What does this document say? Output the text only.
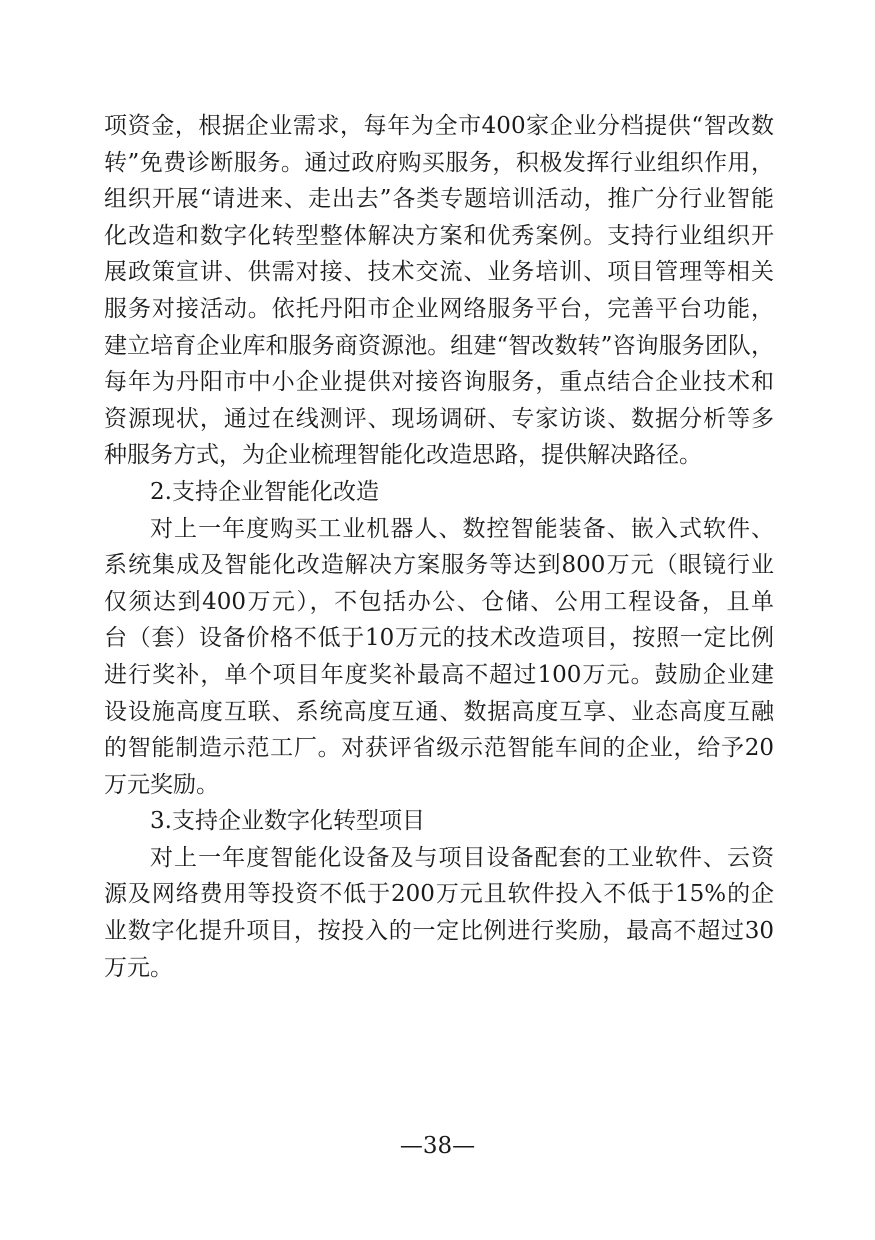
项资金，根据企业需求，每年为全市400家企业分档提供“智改数
转”免费诊断服务。通过政府购买服务，积极发挥行业组织作用，
组织开展“请进来、走出去”各类专题培训活动，推广分行业智能
化改造和数字化转型整体解决方案和优秀案例。支持行业组织开
展政策宣讲、供需对接、技术交流、业务培训、项目管理等相关
服务对接活动。依托丹阳市企业网络服务平台，完善平台功能，
建立培育企业库和服务商资源池。组建“智改数转”咨询服务团队，
每年为丹阳市中小企业提供对接咨询服务，重点结合企业技术和
资源现状，通过在线测评、现场调研、专家访谈、数据分析等多
种服务方式，为企业梳理智能化改造思路，提供解决路径。
2.支持企业智能化改造
对上一年度购买工业机器人、数控智能装备、嵌入式软件、
系统集成及智能化改造解决方案服务等达到800万元（眼镜行业
仅须达到400万元），不包括办公、仓储、公用工程设备，且单
台（套）设备价格不低于10万元的技术改造项目，按照一定比例
进行奖补，单个项目年度奖补最高不超过100万元。鼓励企业建
设设施高度互联、系统高度互通、数据高度互享、业态高度互融
的智能制造示范工厂。对获评省级示范智能车间的企业，给予20
万元奖励。
3.支持企业数字化转型项目
对上一年度智能化设备及与项目设备配套的工业软件、云资
源及网络费用等投资不低于200万元且软件投入不低于15%的企
业数字化提升项目，按投入的一定比例进行奖励，最高不超过30
万元。
—38—
